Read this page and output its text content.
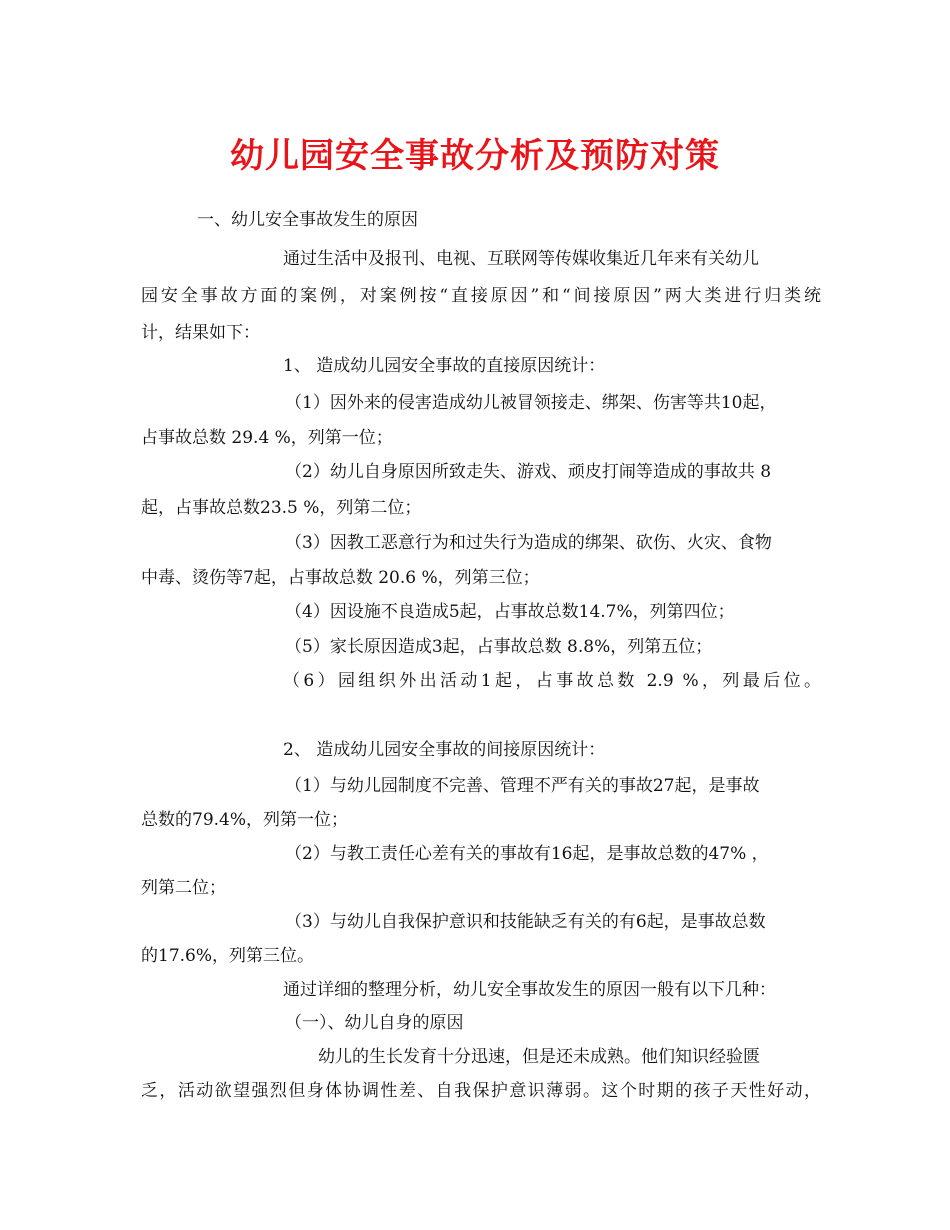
幼儿园安全事故分析及预防对策
一、幼儿安全事故发生的原因
通过生活中及报刊、电视、互联网等传媒收集近几年来有关幼儿
园安全事故方面的案例，对案例按“直接原因”和“间接原因”两大类进行归类统
计，结果如下：
1、 造成幼儿园安全事故的直接原因统计：
（1）因外来的侵害造成幼儿被冒领接走、绑架、伤害等共10起，
占事故总数 29.4 %，列第一位；
（2）幼儿自身原因所致走失、游戏、顽皮打闹等造成的事故共 8
起，占事故总数23.5 %，列第二位；
（3）因教工恶意行为和过失行为造成的绑架、砍伤、火灾、食物
中毒、烫伤等7起，占事故总数 20.6 %，列第三位；
（4）因设施不良造成5起，占事故总数14.7%，列第四位；
（5）家长原因造成3起，占事故总数 8.8%，列第五位；
（6）园组织外出活动1起，占事故总数 2.9 %，列最后位。
2、 造成幼儿园安全事故的间接原因统计：
（1）与幼儿园制度不完善、管理不严有关的事故27起，是事故
总数的79.4%，列第一位；
（2）与教工责任心差有关的事故有16起，是事故总数的47% ，
列第二位；
（3）与幼儿自我保护意识和技能缺乏有关的有6起，是事故总数
的17.6%，列第三位。
通过详细的整理分析，幼儿安全事故发生的原因一般有以下几种：
（一）、幼儿自身的原因
幼儿的生长发育十分迅速，但是还未成熟。他们知识经验匮
乏，活动欲望强烈但身体协调性差、自我保护意识薄弱。这个时期的孩子天性好动，
